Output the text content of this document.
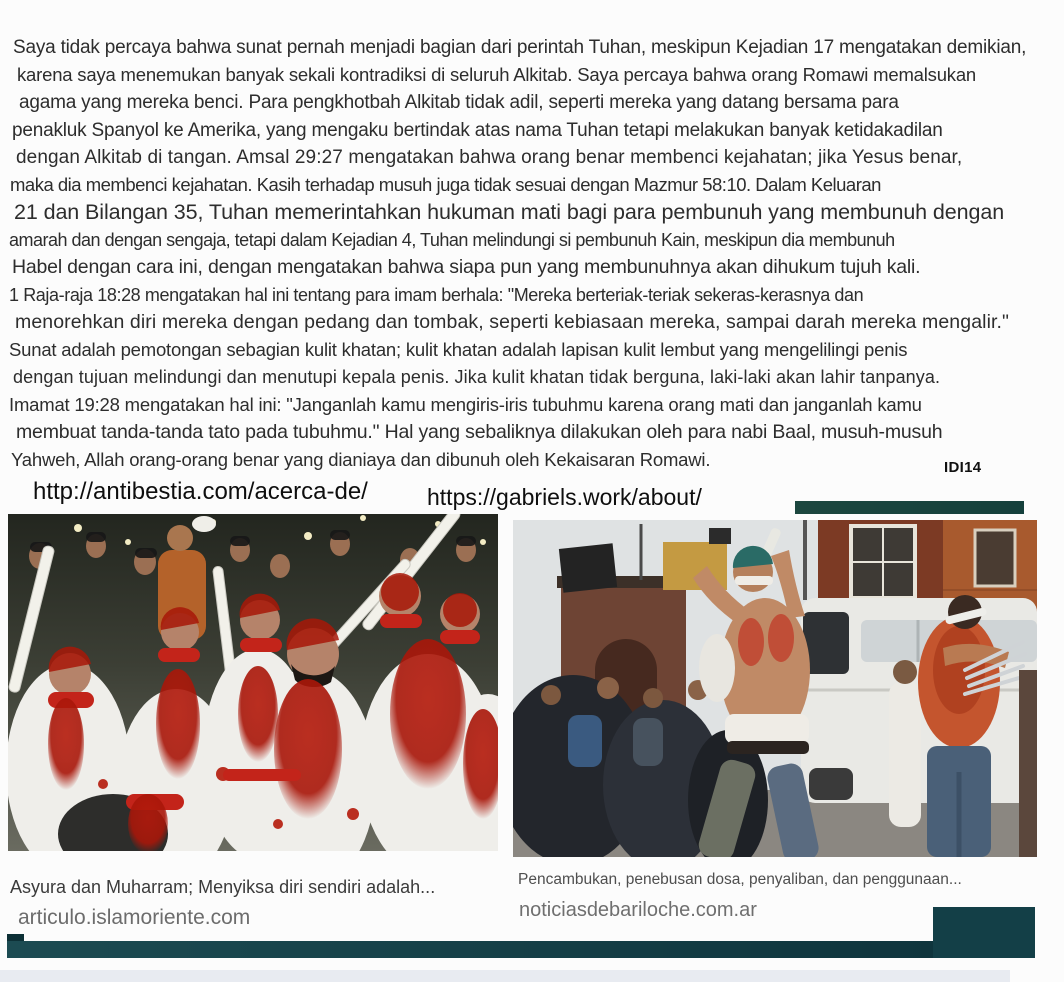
Saya tidak percaya bahwa sunat pernah menjadi bagian dari perintah Tuhan, meskipun Kejadian 17 mengatakan demikian,
karena saya menemukan banyak sekali kontradiksi di seluruh Alkitab. Saya percaya bahwa orang Romawi memalsukan
agama yang mereka benci. Para pengkhotbah Alkitab tidak adil, seperti mereka yang datang bersama para
penakluk Spanyol ke Amerika, yang mengaku bertindak atas nama Tuhan tetapi melakukan banyak ketidakadilan
dengan Alkitab di tangan. Amsal 29:27 mengatakan bahwa orang benar membenci kejahatan; jika Yesus benar,
maka dia membenci kejahatan. Kasih terhadap musuh juga tidak sesuai dengan Mazmur 58:10. Dalam Keluaran
21 dan Bilangan 35, Tuhan memerintahkan hukuman mati bagi para pembunuh yang membunuh dengan
amarah dan dengan sengaja, tetapi dalam Kejadian 4, Tuhan melindungi si pembunuh Kain, meskipun dia membunuh
Habel dengan cara ini, dengan mengatakan bahwa siapa pun yang membunuhnya akan dihukum tujuh kali.
1 Raja-raja 18:28 mengatakan hal ini tentang para imam berhala: "Mereka berteriak-teriak sekeras-kerasnya dan
menorehkan diri mereka dengan pedang dan tombak, seperti kebiasaan mereka, sampai darah mereka mengalir."
Sunat adalah pemotongan sebagian kulit khatan; kulit khatan adalah lapisan kulit lembut yang mengelilingi penis
dengan tujuan melindungi dan menutupi kepala penis. Jika kulit khatan tidak berguna, laki-laki akan lahir tanpanya.
Imamat 19:28 mengatakan hal ini: "Janganlah kamu mengiris-iris tubuhmu karena orang mati dan janganlah kamu
membuat tanda-tanda tato pada tubuhmu." Hal yang sebaliknya dilakukan oleh para nabi Baal, musuh-musuh
Yahweh, Allah orang-orang benar yang dianiaya dan dibunuh oleh Kekaisaran Romawi.	IDI14
http://antibestia.com/acerca-de/	https://gabriels.work/about/
Asyura dan Muharram; Menyiksa diri sendiri adalah...
articulo.islamoriente.com
Pencambukan, penebusan dosa, penyaliban, dan penggunaan...
noticiasdebariloche.com.ar
